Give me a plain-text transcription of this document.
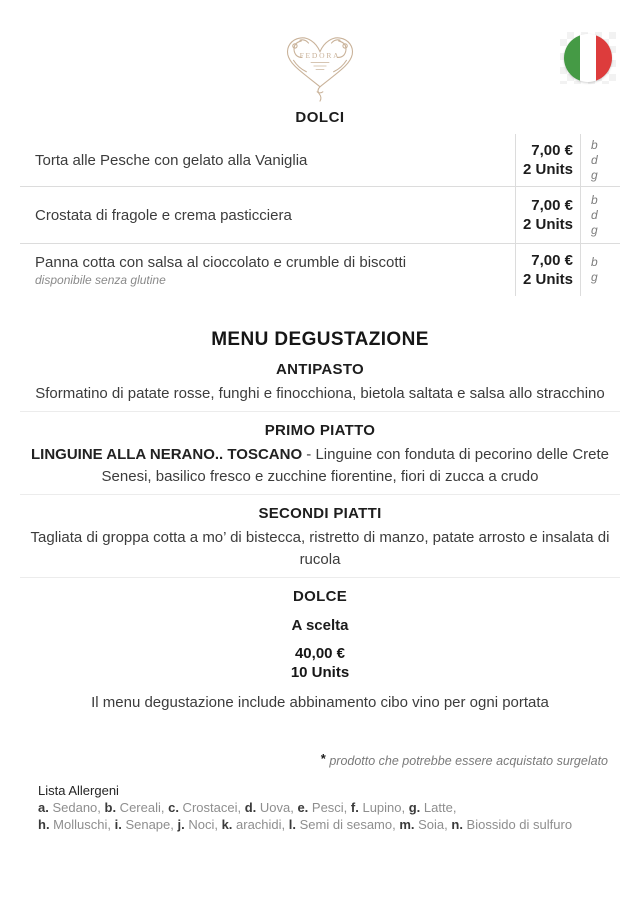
FEDORA
DOLCI
Torta alle Pesche con gelato alla Vaniglia
7,00 €
2 Units
b
d
g
Crostata di fragole e crema pasticciera
7,00 €
2 Units
b
d
g
Panna cotta con salsa al cioccolato e crumble di biscotti
disponibile senza glutine
7,00 €
2 Units
b
g
MENU DEGUSTAZIONE
ANTIPASTO
Sformatino di patate rosse, funghi e finocchiona, bietola saltata e salsa allo stracchino
PRIMO PIATTO
LINGUINE ALLA NERANO.. TOSCANO - Linguine con fonduta di pecorino delle Crete Senesi, basilico fresco e zucchine fiorentine, fiori di zucca a crudo
SECONDI PIATTI
Tagliata di groppa cotta a mo’ di bistecca, ristretto di manzo, patate arrosto e insalata di rucola
DOLCE
A scelta
40,00 €
10 Units
Il menu degustazione include abbinamento cibo vino per ogni portata
* prodotto che potrebbe essere acquistato surgelato
Lista Allergeni
a. Sedano, b. Cereali, c. Crostacei, d. Uova, e. Pesci, f. Lupino, g. Latte,
h. Molluschi, i. Senape, j. Noci, k. arachidi, l. Semi di sesamo, m. Soia, n. Biossido di sulfuro
